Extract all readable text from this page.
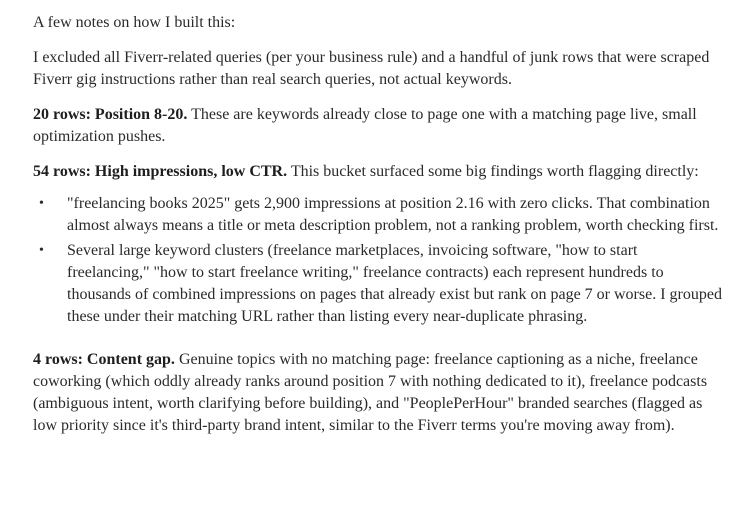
A few notes on how I built this:

I excluded all Fiverr-related queries (per your business rule) and a handful of junk rows that were scraped Fiverr gig instructions rather than real search queries, not actual keywords.

20 rows: Position 8-20. These are keywords already close to page one with a matching page live, small optimization pushes.

54 rows: High impressions, low CTR. This bucket surfaced some big findings worth flagging directly:

• "freelancing books 2025" gets 2,900 impressions at position 2.16 with zero clicks. That combination almost always means a title or meta description problem, not a ranking problem, worth checking first.
• Several large keyword clusters (freelance marketplaces, invoicing software, "how to start freelancing," "how to start freelance writing," freelance contracts) each represent hundreds to thousands of combined impressions on pages that already exist but rank on page 7 or worse. I grouped these under their matching URL rather than listing every near-duplicate phrasing.

4 rows: Content gap. Genuine topics with no matching page: freelance captioning as a niche, freelance coworking (which oddly already ranks around position 7 with nothing dedicated to it), freelance podcasts (ambiguous intent, worth clarifying before building), and "PeoplePerHour" branded searches (flagged as low priority since it's third-party brand intent, similar to the Fiverr terms you're moving away from).
